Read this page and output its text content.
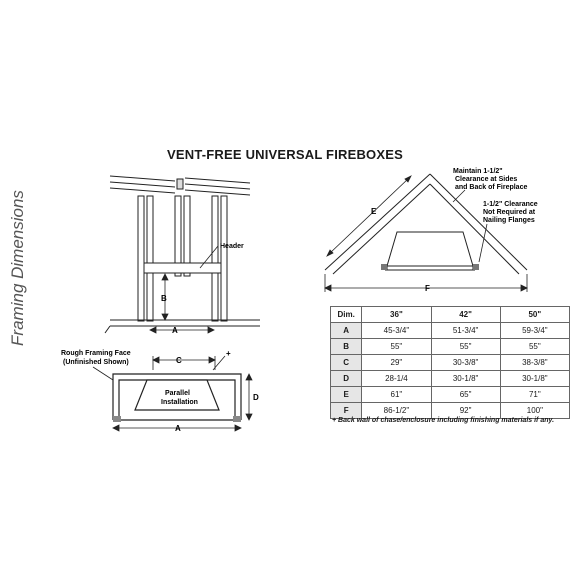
Framing Dimensions
VENT-FREE UNIVERSAL FIREBOXES
Header
B
A
Rough Framing Face
(Unfinished Shown)	C
+
Parallel
Installation
D
A
E
F
Maintain 1-1/2"
Clearance at Sides
and Back of Fireplace
1-1/2" Clearance
Not Required at
Nailing Flanges
Dim.	36"	42"	50"
A	45-3/4"	51-3/4"	59-3/4"
B	55"	55"	55"
C	29"	30-3/8"	38-3/8"
D	28-1/4	30-1/8"	30-1/8"
E	61"	65"	71"
F	86-1/2"	92"	100"
+ Back wall of chase/enclosure including finishing materials if any.
